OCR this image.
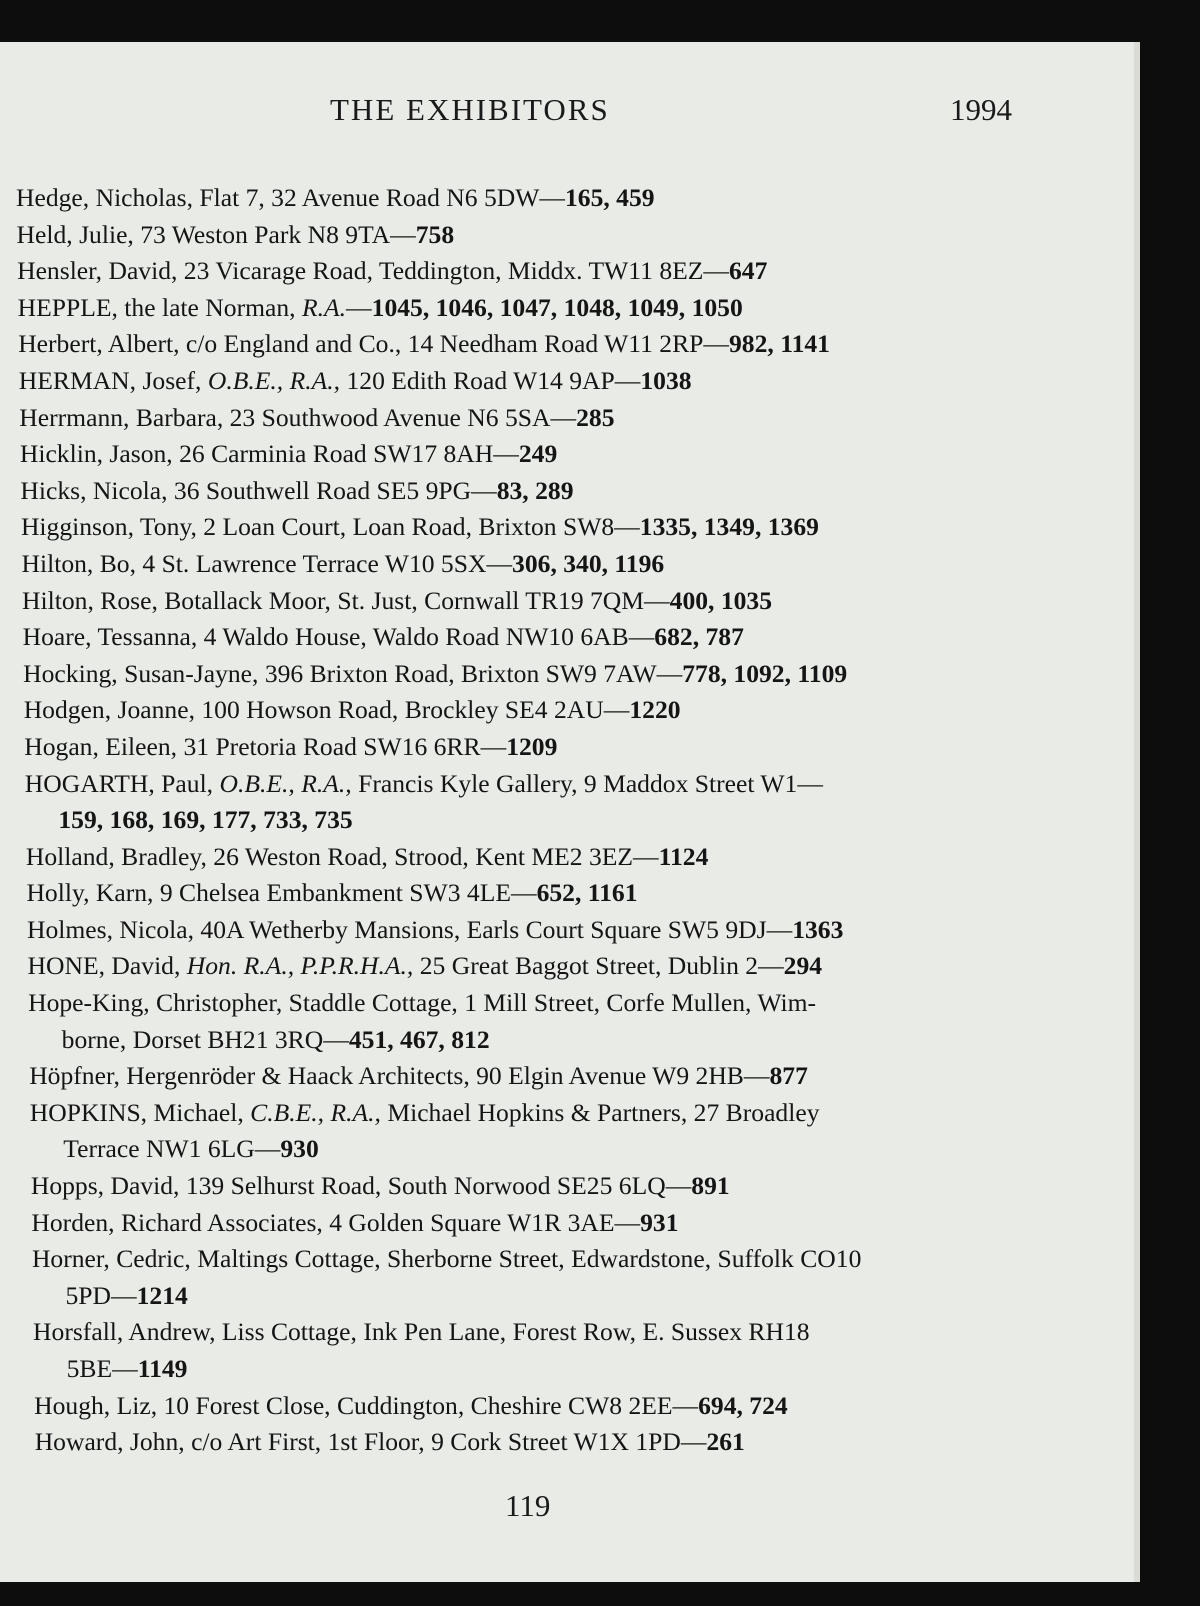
THE EXHIBITORS	1994
Hedge, Nicholas, Flat 7, 32 Avenue Road N6 5DW—165, 459
Held, Julie, 73 Weston Park N8 9TA—758
Hensler, David, 23 Vicarage Road, Teddington, Middx. TW11 8EZ—647
HEPPLE, the late Norman, R.A.—1045, 1046, 1047, 1048, 1049, 1050
Herbert, Albert, c/o England and Co., 14 Needham Road W11 2RP—982, 1141
HERMAN, Josef, O.B.E., R.A., 120 Edith Road W14 9AP—1038
Herrmann, Barbara, 23 Southwood Avenue N6 5SA—285
Hicklin, Jason, 26 Carminia Road SW17 8AH—249
Hicks, Nicola, 36 Southwell Road SE5 9PG—83, 289
Higginson, Tony, 2 Loan Court, Loan Road, Brixton SW8—1335, 1349, 1369
Hilton, Bo, 4 St. Lawrence Terrace W10 5SX—306, 340, 1196
Hilton, Rose, Botallack Moor, St. Just, Cornwall TR19 7QM—400, 1035
Hoare, Tessanna, 4 Waldo House, Waldo Road NW10 6AB—682, 787
Hocking, Susan-Jayne, 396 Brixton Road, Brixton SW9 7AW—778, 1092, 1109
Hodgen, Joanne, 100 Howson Road, Brockley SE4 2AU—1220
Hogan, Eileen, 31 Pretoria Road SW16 6RR—1209
HOGARTH, Paul, O.B.E., R.A., Francis Kyle Gallery, 9 Maddox Street W1—
159, 168, 169, 177, 733, 735
Holland, Bradley, 26 Weston Road, Strood, Kent ME2 3EZ—1124
Holly, Karn, 9 Chelsea Embankment SW3 4LE—652, 1161
Holmes, Nicola, 40A Wetherby Mansions, Earls Court Square SW5 9DJ—1363
HONE, David, Hon. R.A., P.P.R.H.A., 25 Great Baggot Street, Dublin 2—294
Hope-King, Christopher, Staddle Cottage, 1 Mill Street, Corfe Mullen, Wim-
borne, Dorset BH21 3RQ—451, 467, 812
Höpfner, Hergenröder & Haack Architects, 90 Elgin Avenue W9 2HB—877
HOPKINS, Michael, C.B.E., R.A., Michael Hopkins & Partners, 27 Broadley
Terrace NW1 6LG—930
Hopps, David, 139 Selhurst Road, South Norwood SE25 6LQ—891
Horden, Richard Associates, 4 Golden Square W1R 3AE—931
Horner, Cedric, Maltings Cottage, Sherborne Street, Edwardstone, Suffolk CO10
5PD—1214
Horsfall, Andrew, Liss Cottage, Ink Pen Lane, Forest Row, E. Sussex RH18
5BE—1149
Hough, Liz, 10 Forest Close, Cuddington, Cheshire CW8 2EE—694, 724
Howard, John, c/o Art First, 1st Floor, 9 Cork Street W1X 1PD—261
119
